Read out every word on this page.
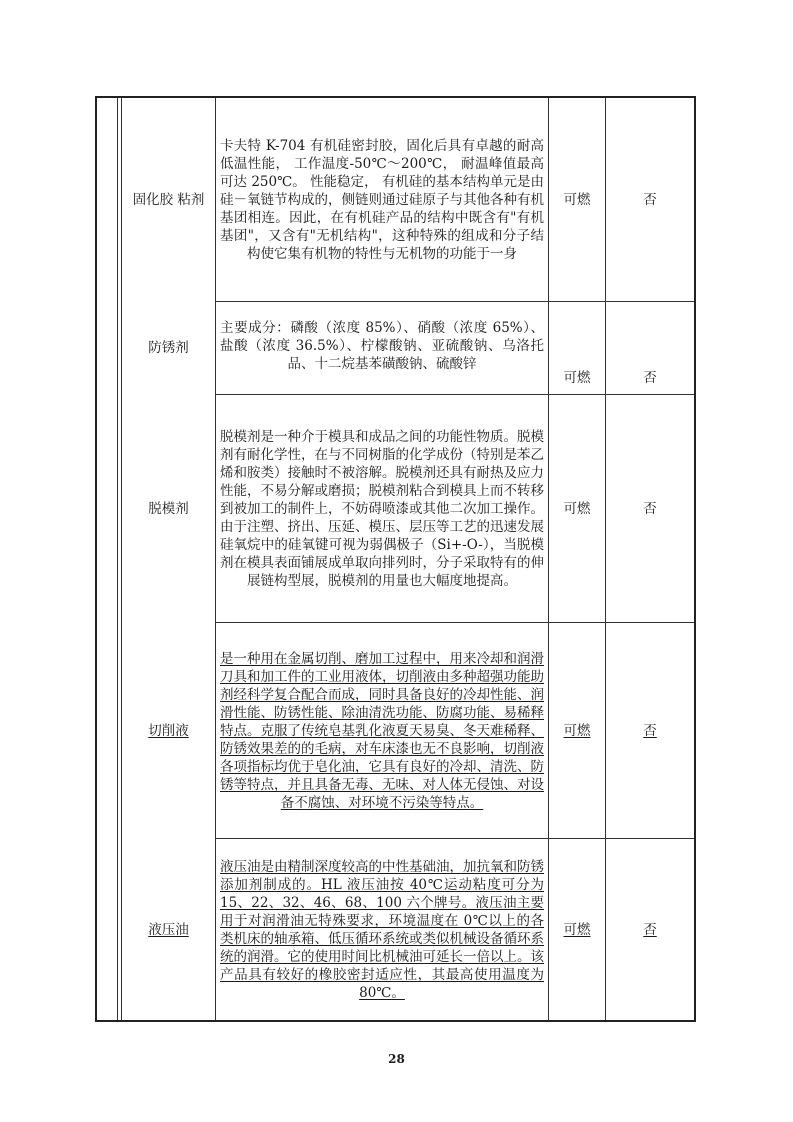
固化胶 粘剂

卡夫特 K-704 有机硅密封胶，固化后具有卓越的耐高低温性能， 工作温度-50℃～200℃， 耐温峰值最高可达 250℃。 性能稳定， 有机硅的基本结构单元是由硅－氧链节构成的，侧链则通过硅原子与其他各种有机基团相连。因此，在有机硅产品的结构中既含有"有机基团"，又含有"无机结构"，这种特殊的组成和分子结构使它集有机物的特性与无机物的功能于一身

可燃	否
防锈剂

主要成分：磷酸（浓度 85%）、硝酸（浓度 65%）、盐酸（浓度 36.5%）、柠檬酸钠、亚硫酸钠、乌洛托品、十二烷基苯磺酸钠、硫酸锌

可燃	否
脱模剂

脱模剂是一种介于模具和成品之间的功能性物质。脱模剂有耐化学性，在与不同树脂的化学成份（特别是苯乙烯和胺类）接触时不被溶解。脱模剂还具有耐热及应力性能，不易分解或磨损；脱模剂粘合到模具上而不转移到被加工的制件上，不妨碍喷漆或其他二次加工操作。由于注塑、挤出、压延、模压、层压等工艺的迅速发展硅氧烷中的硅氧键可视为弱偶极子（Si+-O-），当脱模剂在模具表面铺展成单取向排列时，分子采取特有的伸展链构型展，脱模剂的用量也大幅度地提高。

可燃	否
切削液

是一种用在金属切削、磨加工过程中，用来冷却和润滑刀具和加工件的工业用液体，切削液由多种超强功能助剂经科学复合配合而成，同时具备良好的冷却性能、润滑性能、防锈性能、除油清洗功能、防腐功能、易稀释特点。克服了传统皂基乳化液夏天易臭、冬天难稀释、防锈效果差的的毛病，对车床漆也无不良影响，切削液各项指标均优于皂化油，它具有良好的冷却、清洗、防锈等特点，并且具备无毒、无味、对人体无侵蚀、对设备不腐蚀、对环境不污染等特点。

可燃	否
液压油

液压油是由精制深度较高的中性基础油，加抗氧和防锈添加剂制成的。HL 液压油按 40℃运动粘度可分为 15、22、32、46、68、100 六个牌号。液压油主要用于对润滑油无特殊要求，环境温度在 0℃以上的各类机床的轴承箱、低压循环系统或类似机械设备循环系统的润滑。它的使用时间比机械油可延长一倍以上。该产品具有较好的橡胶密封适应性，其最高使用温度为 80℃。

可燃	否
28
